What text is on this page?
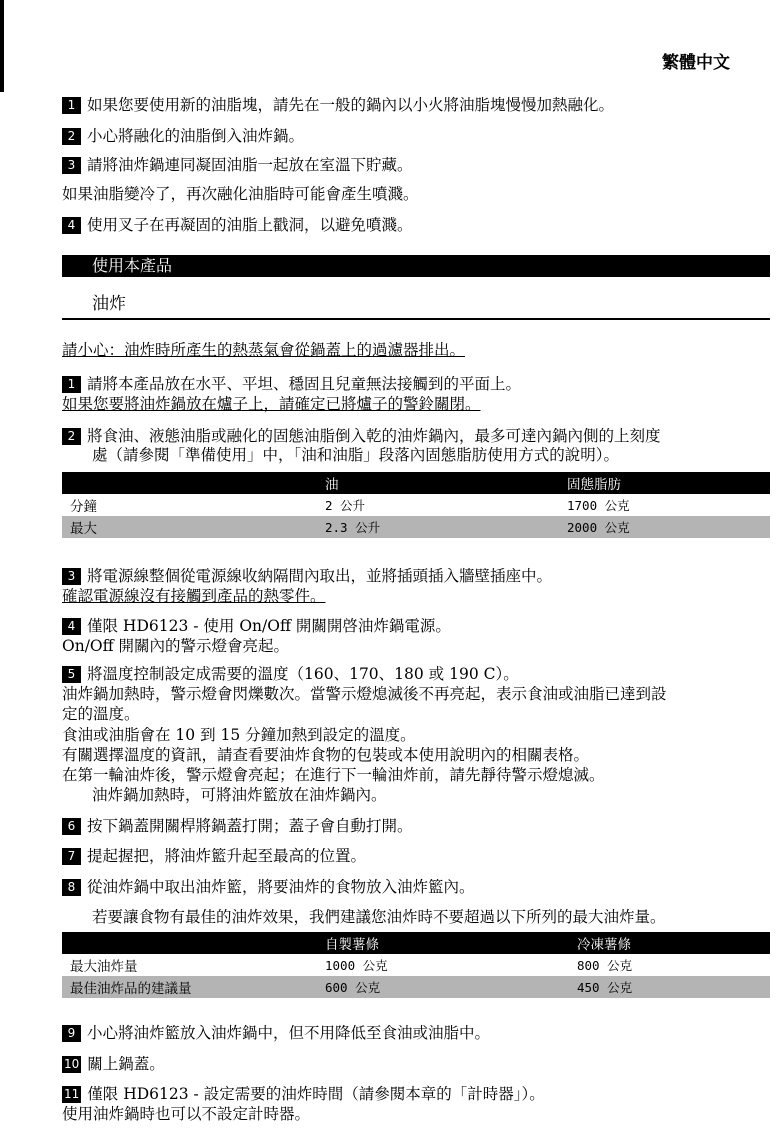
繁體中文
1 如果您要使用新的油脂塊，請先在一般的鍋內以小火將油脂塊慢慢加熱融化。
2 小心將融化的油脂倒入油炸鍋。
3 請將油炸鍋連同凝固油脂一起放在室溫下貯藏。
如果油脂變冷了，再次融化油脂時可能會產生噴濺。
4 使用叉子在再凝固的油脂上戳洞，以避免噴濺。
使用本產品
油炸
請小心：油炸時所產生的熱蒸氣會從鍋蓋上的過濾器排出。
1 請將本產品放在水平、平坦、穩固且兒童無法接觸到的平面上。
如果您要將油炸鍋放在爐子上，請確定已將爐子的警鈴關閉。
2 將食油、液態油脂或融化的固態油脂倒入乾的油炸鍋內，最多可達內鍋內側的上刻度
處（請參閱「準備使用」中，「油和油脂」段落內固態脂肪使用方式的說明）。
	油	固態脂肪
分鐘	2 公升	1700 公克
最大	2.3 公升	2000 公克
3 將電源線整個從電源線收納隔間內取出，並將插頭插入牆壁插座中。
確認電源線沒有接觸到產品的熱零件。
4 僅限 HD6123 - 使用 On/Off 開關開啓油炸鍋電源。
On/Off 開關內的警示燈會亮起。
5 將溫度控制設定成需要的溫度（160、170、180 或 190 C）。
油炸鍋加熱時，警示燈會閃爍數次。當警示燈熄滅後不再亮起，表示食油或油脂已達到設
定的溫度。
食油或油脂會在 10 到 15 分鐘加熱到設定的溫度。
有關選擇溫度的資訊，請查看要油炸食物的包裝或本使用說明內的相關表格。
在第一輪油炸後，警示燈會亮起；在進行下一輪油炸前，請先靜待警示燈熄滅。
油炸鍋加熱時，可將油炸籃放在油炸鍋內。
6 按下鍋蓋開關桿將鍋蓋打開；蓋子會自動打開。
7 提起握把，將油炸籃升起至最高的位置。
8 從油炸鍋中取出油炸籃，將要油炸的食物放入油炸籃內。
若要讓食物有最佳的油炸效果，我們建議您油炸時不要超過以下所列的最大油炸量。
	自製薯條	冷凍薯條
最大油炸量	1000 公克	800 公克
最佳油炸品的建議量	600 公克	450 公克
9 小心將油炸籃放入油炸鍋中，但不用降低至食油或油脂中。
10 關上鍋蓋。
11 僅限 HD6123 - 設定需要的油炸時間（請參閱本章的「計時器」）。
使用油炸鍋時也可以不設定計時器。
